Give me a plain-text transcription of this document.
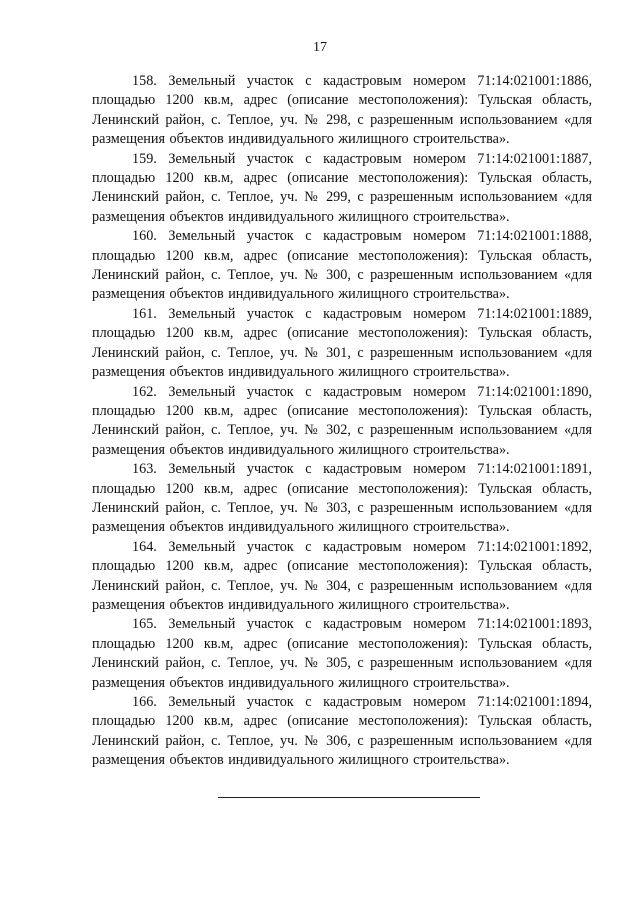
17

158. Земельный участок с кадастровым номером 71:14:021001:1886, площадью 1200 кв.м, адрес (описание местоположения): Тульская область, Ленинский район, с. Теплое, уч. № 298, с разрешенным использованием «для размещения объектов индивидуального жилищного строительства».

159. Земельный участок с кадастровым номером 71:14:021001:1887, площадью 1200 кв.м, адрес (описание местоположения): Тульская область, Ленинский район, с. Теплое, уч. № 299, с разрешенным использованием «для размещения объектов индивидуального жилищного строительства».

160. Земельный участок с кадастровым номером 71:14:021001:1888, площадью 1200 кв.м, адрес (описание местоположения): Тульская область, Ленинский район, с. Теплое, уч. № 300, с разрешенным использованием «для размещения объектов индивидуального жилищного строительства».

161. Земельный участок с кадастровым номером 71:14:021001:1889, площадью 1200 кв.м, адрес (описание местоположения): Тульская область, Ленинский район, с. Теплое, уч. № 301, с разрешенным использованием «для размещения объектов индивидуального жилищного строительства».

162. Земельный участок с кадастровым номером 71:14:021001:1890, площадью 1200 кв.м, адрес (описание местоположения): Тульская область, Ленинский район, с. Теплое, уч. № 302, с разрешенным использованием «для размещения объектов индивидуального жилищного строительства».

163. Земельный участок с кадастровым номером 71:14:021001:1891, площадью 1200 кв.м, адрес (описание местоположения): Тульская область, Ленинский район, с. Теплое, уч. № 303, с разрешенным использованием «для размещения объектов индивидуального жилищного строительства».

164. Земельный участок с кадастровым номером 71:14:021001:1892, площадью 1200 кв.м, адрес (описание местоположения): Тульская область, Ленинский район, с. Теплое, уч. № 304, с разрешенным использованием «для размещения объектов индивидуального жилищного строительства».

165. Земельный участок с кадастровым номером 71:14:021001:1893, площадью 1200 кв.м, адрес (описание местоположения): Тульская область, Ленинский район, с. Теплое, уч. № 305, с разрешенным использованием «для размещения объектов индивидуального жилищного строительства».

166. Земельный участок с кадастровым номером 71:14:021001:1894, площадью 1200 кв.м, адрес (описание местоположения): Тульская область, Ленинский район, с. Теплое, уч. № 306, с разрешенным использованием «для размещения объектов индивидуального жилищного строительства».
